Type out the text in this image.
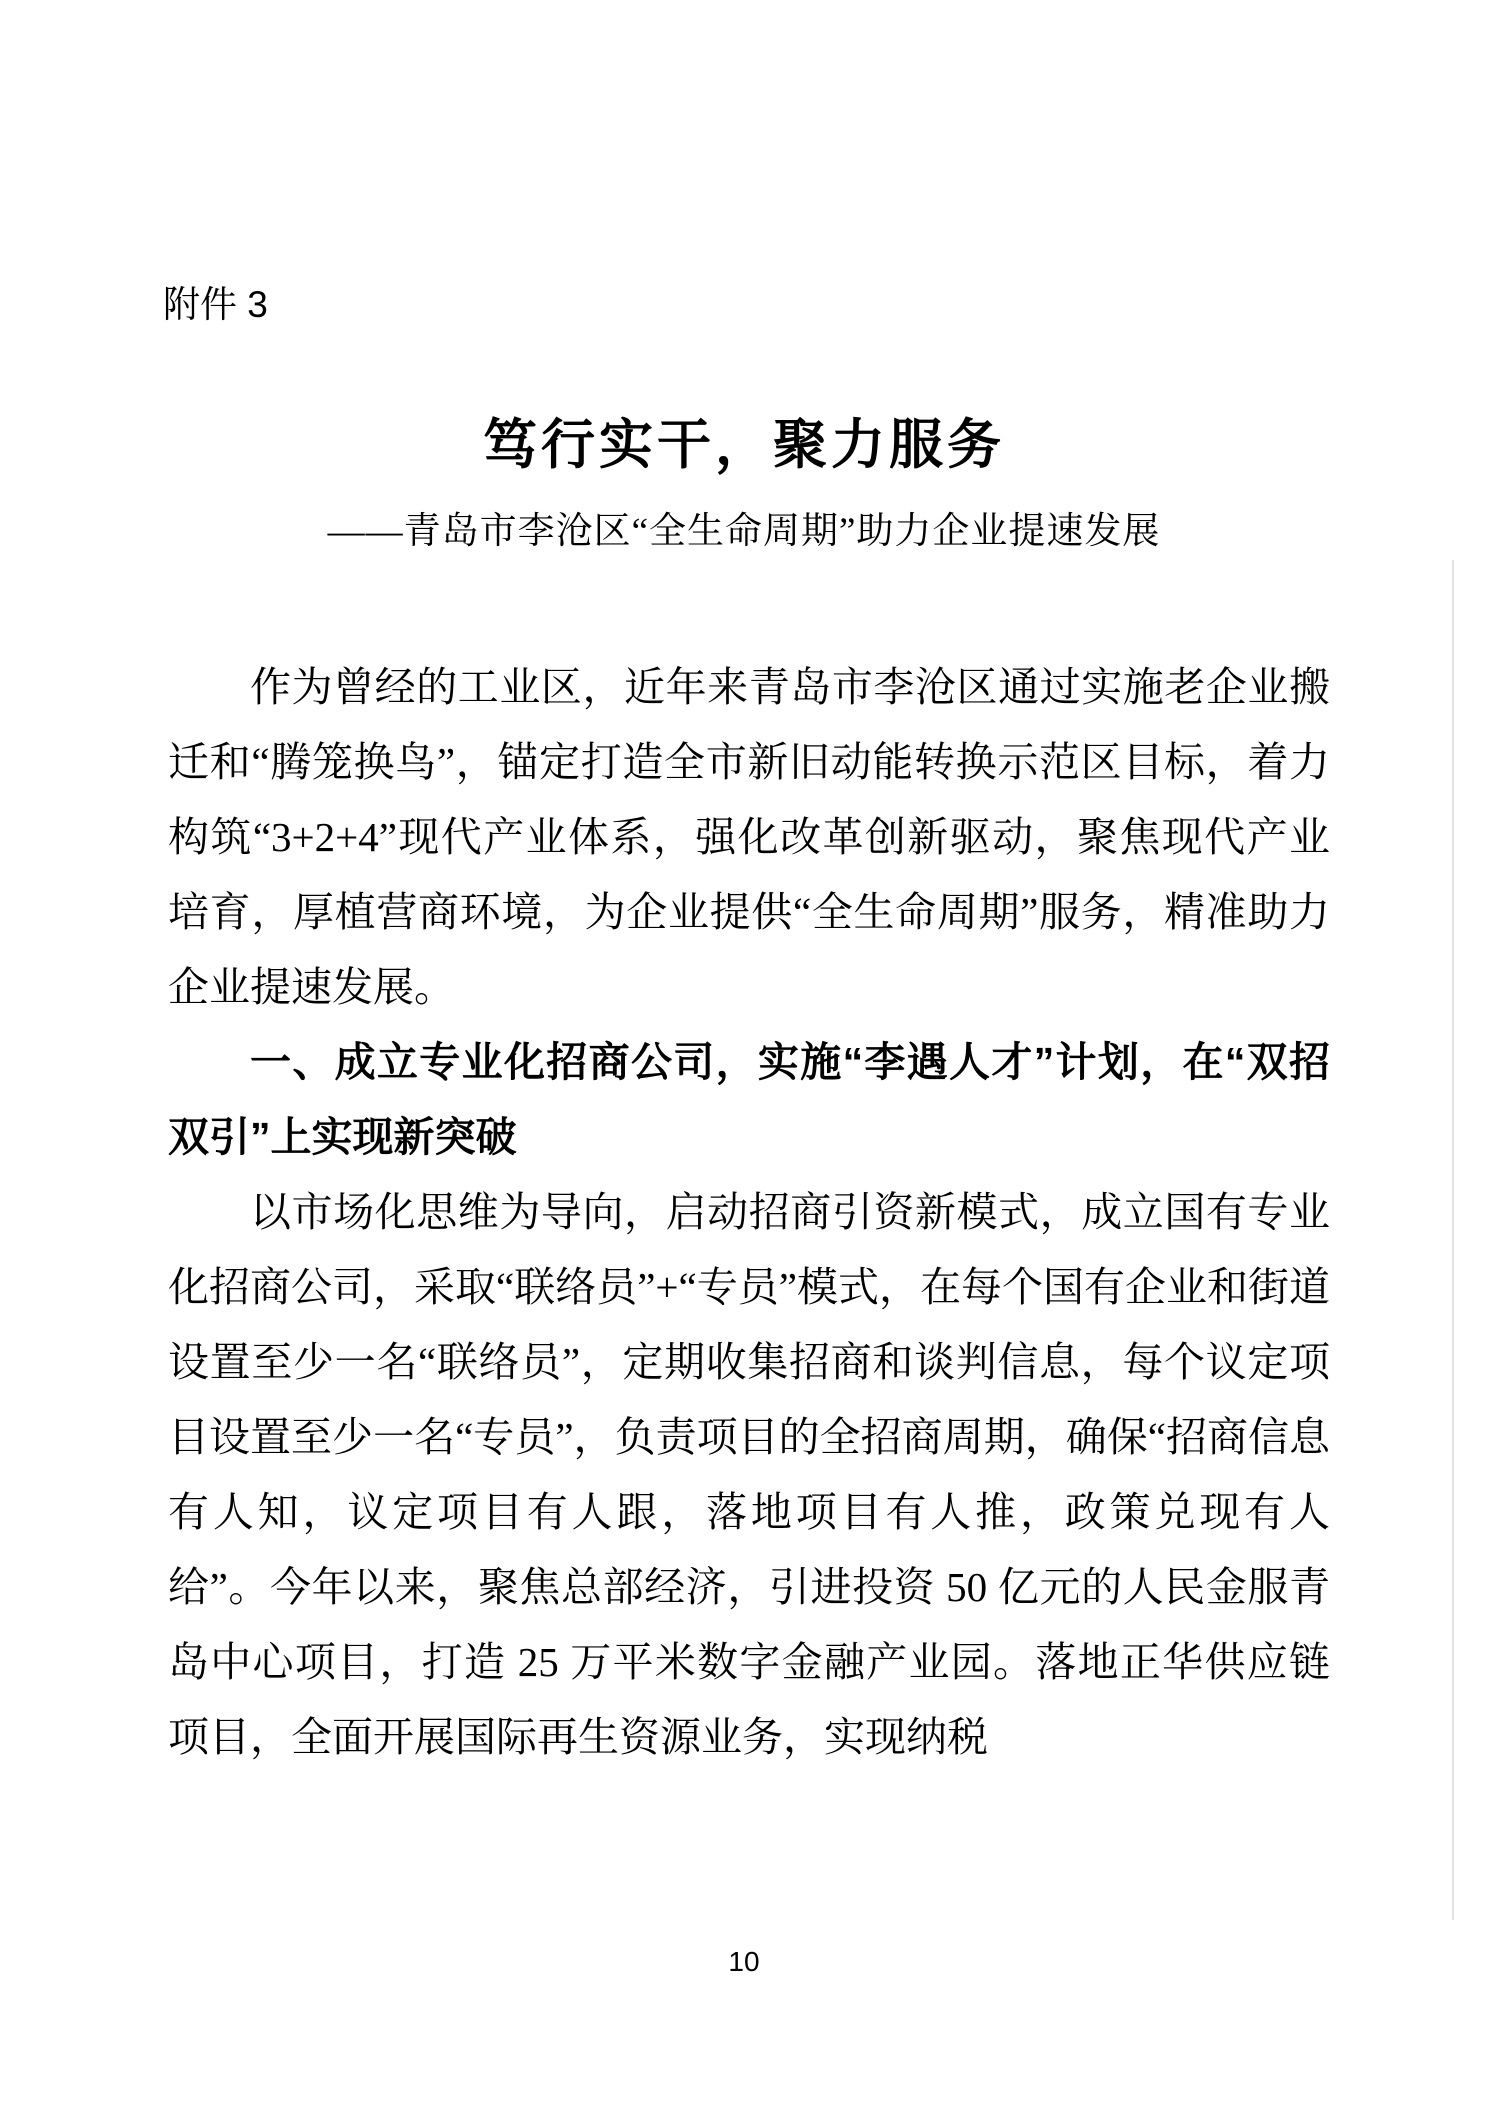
附件 3
笃行实干，聚力服务
——青岛市李沧区“全生命周期”助力企业提速发展

作为曾经的工业区，近年来青岛市李沧区通过实施老企业搬迁和“腾笼换鸟”，锚定打造全市新旧动能转换示范区目标，着力构筑“3+2+4”现代产业体系，强化改革创新驱动，聚焦现代产业培育，厚植营商环境，为企业提供“全生命周期”服务，精准助力企业提速发展。

一、成立专业化招商公司，实施“李遇人才”计划，在“双招双引”上实现新突破

以市场化思维为导向，启动招商引资新模式，成立国有专业化招商公司，采取“联络员”+“专员”模式，在每个国有企业和街道设置至少一名“联络员”，定期收集招商和谈判信息，每个议定项目设置至少一名“专员”，负责项目的全招商周期，确保“招商信息有人知，议定项目有人跟，落地项目有人推，政策兑现有人给”。今年以来，聚焦总部经济，引进投资 50 亿元的人民金服青岛中心项目，打造 25 万平米数字金融产业园。落地正华供应链项目，全面开展国际再生资源业务，实现纳税

10
